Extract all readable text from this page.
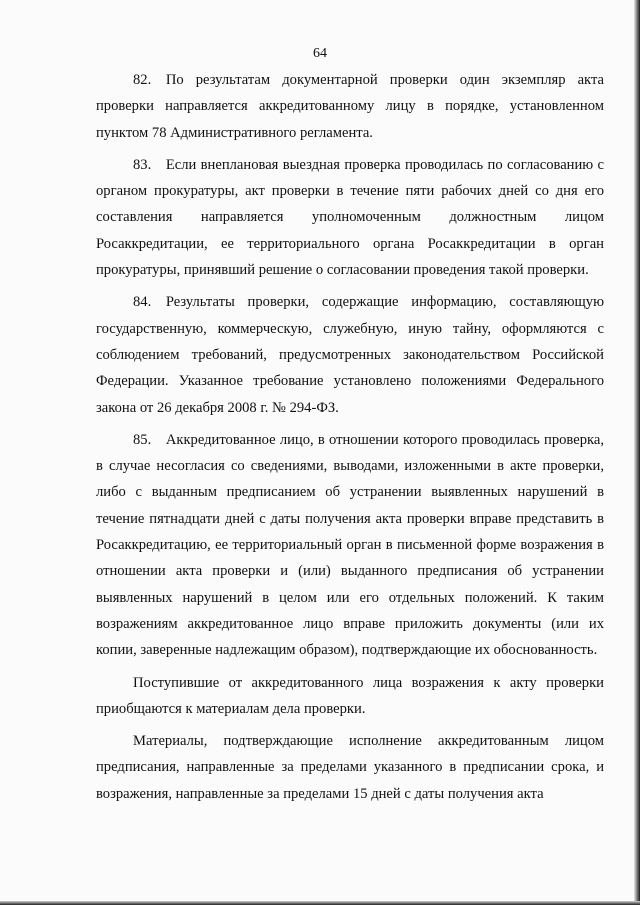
64

82. По результатам документарной проверки один экземпляр акта проверки направляется аккредитованному лицу в порядке, установленном пунктом 78 Административного регламента.

83. Если внеплановая выездная проверка проводилась по согласованию с органом прокуратуры, акт проверки в течение пяти рабочих дней со дня его составления направляется уполномоченным должностным лицом Росаккредитации, ее территориального органа Росаккредитации в орган прокуратуры, принявший решение о согласовании проведения такой проверки.

84. Результаты проверки, содержащие информацию, составляющую государственную, коммерческую, служебную, иную тайну, оформляются с соблюдением требований, предусмотренных законодательством Российской Федерации. Указанное требование установлено положениями Федерального закона от 26 декабря 2008 г. № 294-ФЗ.

85. Аккредитованное лицо, в отношении которого проводилась проверка, в случае несогласия со сведениями, выводами, изложенными в акте проверки, либо с выданным предписанием об устранении выявленных нарушений в течение пятнадцати дней с даты получения акта проверки вправе представить в Росаккредитацию, ее территориальный орган в письменной форме возражения в отношении акта проверки и (или) выданного предписания об устранении выявленных нарушений в целом или его отдельных положений. К таким возражениям аккредитованное лицо вправе приложить документы (или их копии, заверенные надлежащим образом), подтверждающие их обоснованность.

Поступившие от аккредитованного лица возражения к акту проверки приобщаются к материалам дела проверки.

Материалы, подтверждающие исполнение аккредитованным лицом предписания, направленные за пределами указанного в предписании срока, и возражения, направленные за пределами 15 дней с даты получения акта
